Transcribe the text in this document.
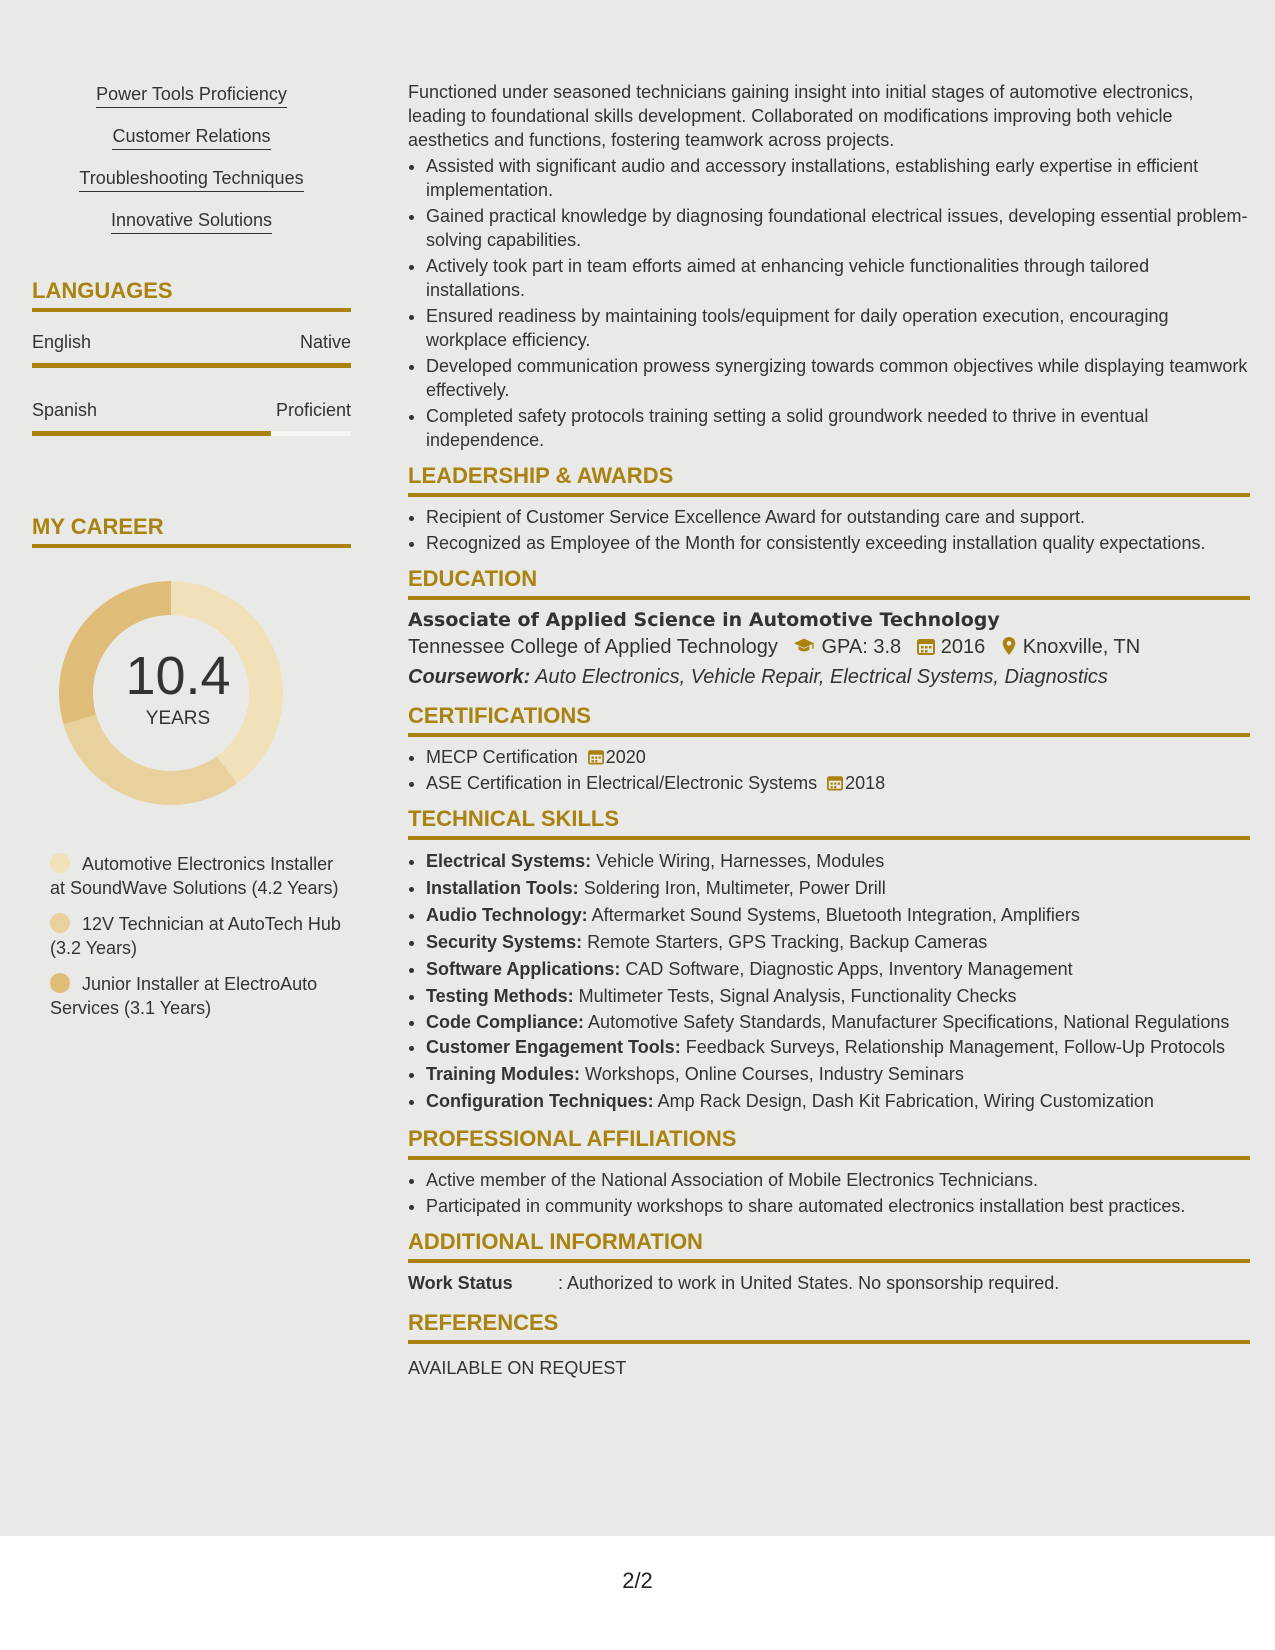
Power Tools Proficiency
Customer Relations
Troubleshooting Techniques
Innovative Solutions
LANGUAGES
English	Native
Spanish	Proficient
MY CAREER
10.4
YEARS
Automotive Electronics Installer at SoundWave Solutions (4.2 Years)
12V Technician at AutoTech Hub (3.2 Years)
Junior Installer at ElectroAuto Services (3.1 Years)

Functioned under seasoned technicians gaining insight into initial stages of automotive electronics, leading to foundational skills development. Collaborated on modifications improving both vehicle aesthetics and functions, fostering teamwork across projects.

• Assisted with significant audio and accessory installations, establishing early expertise in efficient implementation.
• Gained practical knowledge by diagnosing foundational electrical issues, developing essential problem-solving capabilities.
• Actively took part in team efforts aimed at enhancing vehicle functionalities through tailored installations.
• Ensured readiness by maintaining tools/equipment for daily operation execution, encouraging workplace efficiency.
• Developed communication prowess synergizing towards common objectives while displaying teamwork effectively.
• Completed safety protocols training setting a solid groundwork needed to thrive in eventual independence.
LEADERSHIP & AWARDS
• Recipient of Customer Service Excellence Award for outstanding care and support.
• Recognized as Employee of the Month for consistently exceeding installation quality expectations.
EDUCATION
Associate of Applied Science in Automotive Technology
Tennessee College of Applied Technology GPA: 3.8 2016 Knoxville, TN
Coursework: Auto Electronics, Vehicle Repair, Electrical Systems, Diagnostics
CERTIFICATIONS
• MECP Certification 2020
• ASE Certification in Electrical/Electronic Systems 2018
TECHNICAL SKILLS
• Electrical Systems: Vehicle Wiring, Harnesses, Modules
• Installation Tools: Soldering Iron, Multimeter, Power Drill
• Audio Technology: Aftermarket Sound Systems, Bluetooth Integration, Amplifiers
• Security Systems: Remote Starters, GPS Tracking, Backup Cameras
• Software Applications: CAD Software, Diagnostic Apps, Inventory Management
• Testing Methods: Multimeter Tests, Signal Analysis, Functionality Checks
• Code Compliance: Automotive Safety Standards, Manufacturer Specifications, National Regulations
• Customer Engagement Tools: Feedback Surveys, Relationship Management, Follow-Up Protocols
• Training Modules: Workshops, Online Courses, Industry Seminars
• Configuration Techniques: Amp Rack Design, Dash Kit Fabrication, Wiring Customization
PROFESSIONAL AFFILIATIONS
• Active member of the National Association of Mobile Electronics Technicians.
• Participated in community workshops to share automated electronics installation best practices.
ADDITIONAL INFORMATION
Work Status	: Authorized to work in United States. No sponsorship required.
REFERENCES
AVAILABLE ON REQUEST
2/2
